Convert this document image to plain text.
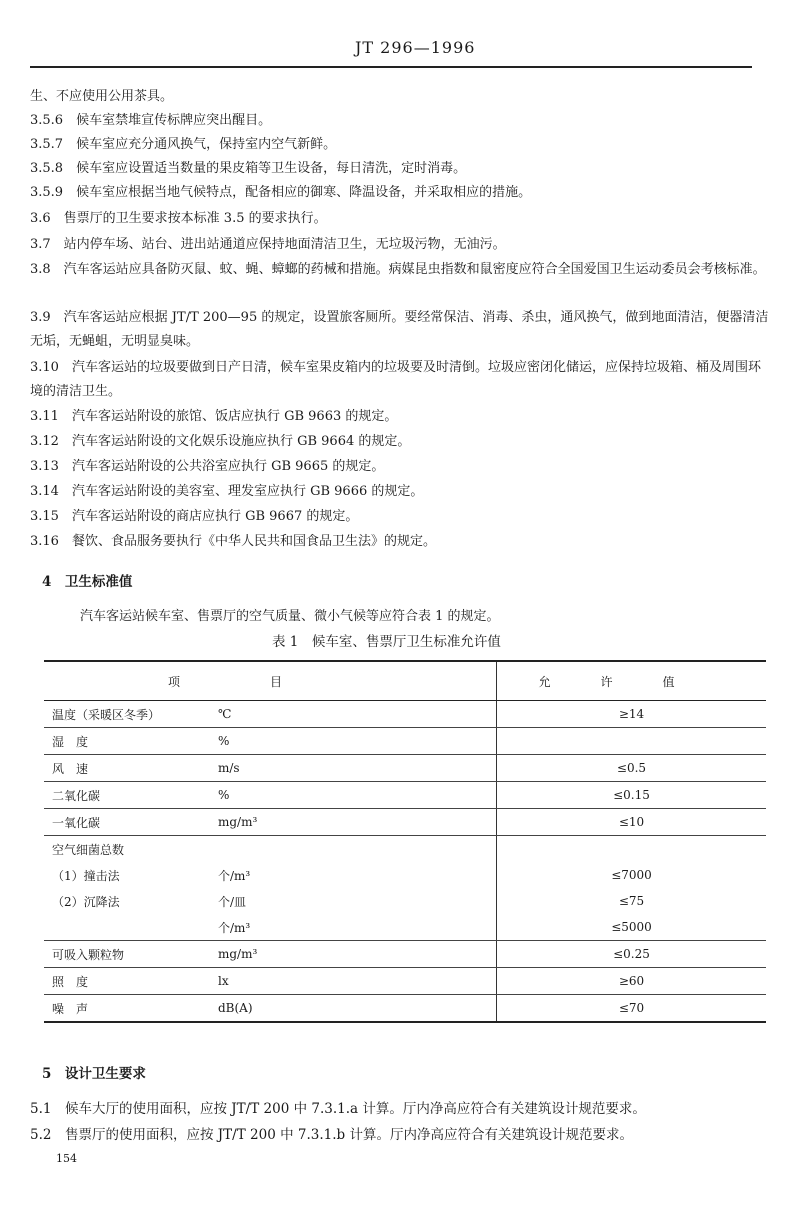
JT 296—1996
生、不应使用公用茶具。
3.5.6　候车室禁堆宣传标牌应突出醒目。
3.5.7　候车室应充分通风换气，保持室内空气新鲜。
3.5.8　候车室应设置适当数量的果皮箱等卫生设备，每日清洗，定时消毒。
3.5.9　候车室应根据当地气候特点，配备相应的御寒、降温设备，并采取相应的措施。
3.6　售票厅的卫生要求按本标准 3.5 的要求执行。
3.7　站内停车场、站台、进出站通道应保持地面清洁卫生，无垃圾污物，无油污。
3.8　汽车客运站应具备防灭鼠、蚊、蝇、蟑螂的药械和措施。病媒昆虫指数和鼠密度应符合全国爱国卫生运动委员会考核标准。
3.9　汽车客运站应根据 JT/T 200—95 的规定，设置旅客厕所。要经常保洁、消毒、杀虫，通风换气，做到地面清洁，便器清洁无垢，无蝇蛆，无明显臭味。
3.10　汽车客运站的垃圾要做到日产日清，候车室果皮箱内的垃圾要及时清倒。垃圾应密闭化储运，应保持垃圾箱、桶及周围环境的清洁卫生。
3.11　汽车客运站附设的旅馆、饭店应执行 GB 9663 的规定。
3.12　汽车客运站附设的文化娱乐设施应执行 GB 9664 的规定。
3.13　汽车客运站附设的公共浴室应执行 GB 9665 的规定。
3.14　汽车客运站附设的美容室、理发室应执行 GB 9666 的规定。
3.15　汽车客运站附设的商店应执行 GB 9667 的规定。
3.16　餐饮、食品服务要执行《中华人民共和国食品卫生法》的规定。
4　卫生标准值
汽车客运站候车室、售票厅的空气质量、微小气候等应符合表 1 的规定。
表 1　候车室、售票厅卫生标准允许值
项目		允许值
温度（采暖区冬季）	℃	≥14
湿　度	%	
风　速	m/s	≤0.5
二氧化碳	%	≤0.15
一氧化碳	mg/m³	≤10
空气细菌总数		
（1）撞击法	个/m³	≤7000
（2）沉降法	个/皿	≤75
	个/m³	≤5000
可吸入颗粒物	mg/m³	≤0.25
照　度	lx	≥60
噪　声	dB(A)	≤70
5　设计卫生要求
5.1　候车大厅的使用面积，应按 JT/T 200 中 7.3.1.a 计算。厅内净高应符合有关建筑设计规范要求。
5.2　售票厅的使用面积，应按 JT/T 200 中 7.3.1.b 计算。厅内净高应符合有关建筑设计规范要求。
154
